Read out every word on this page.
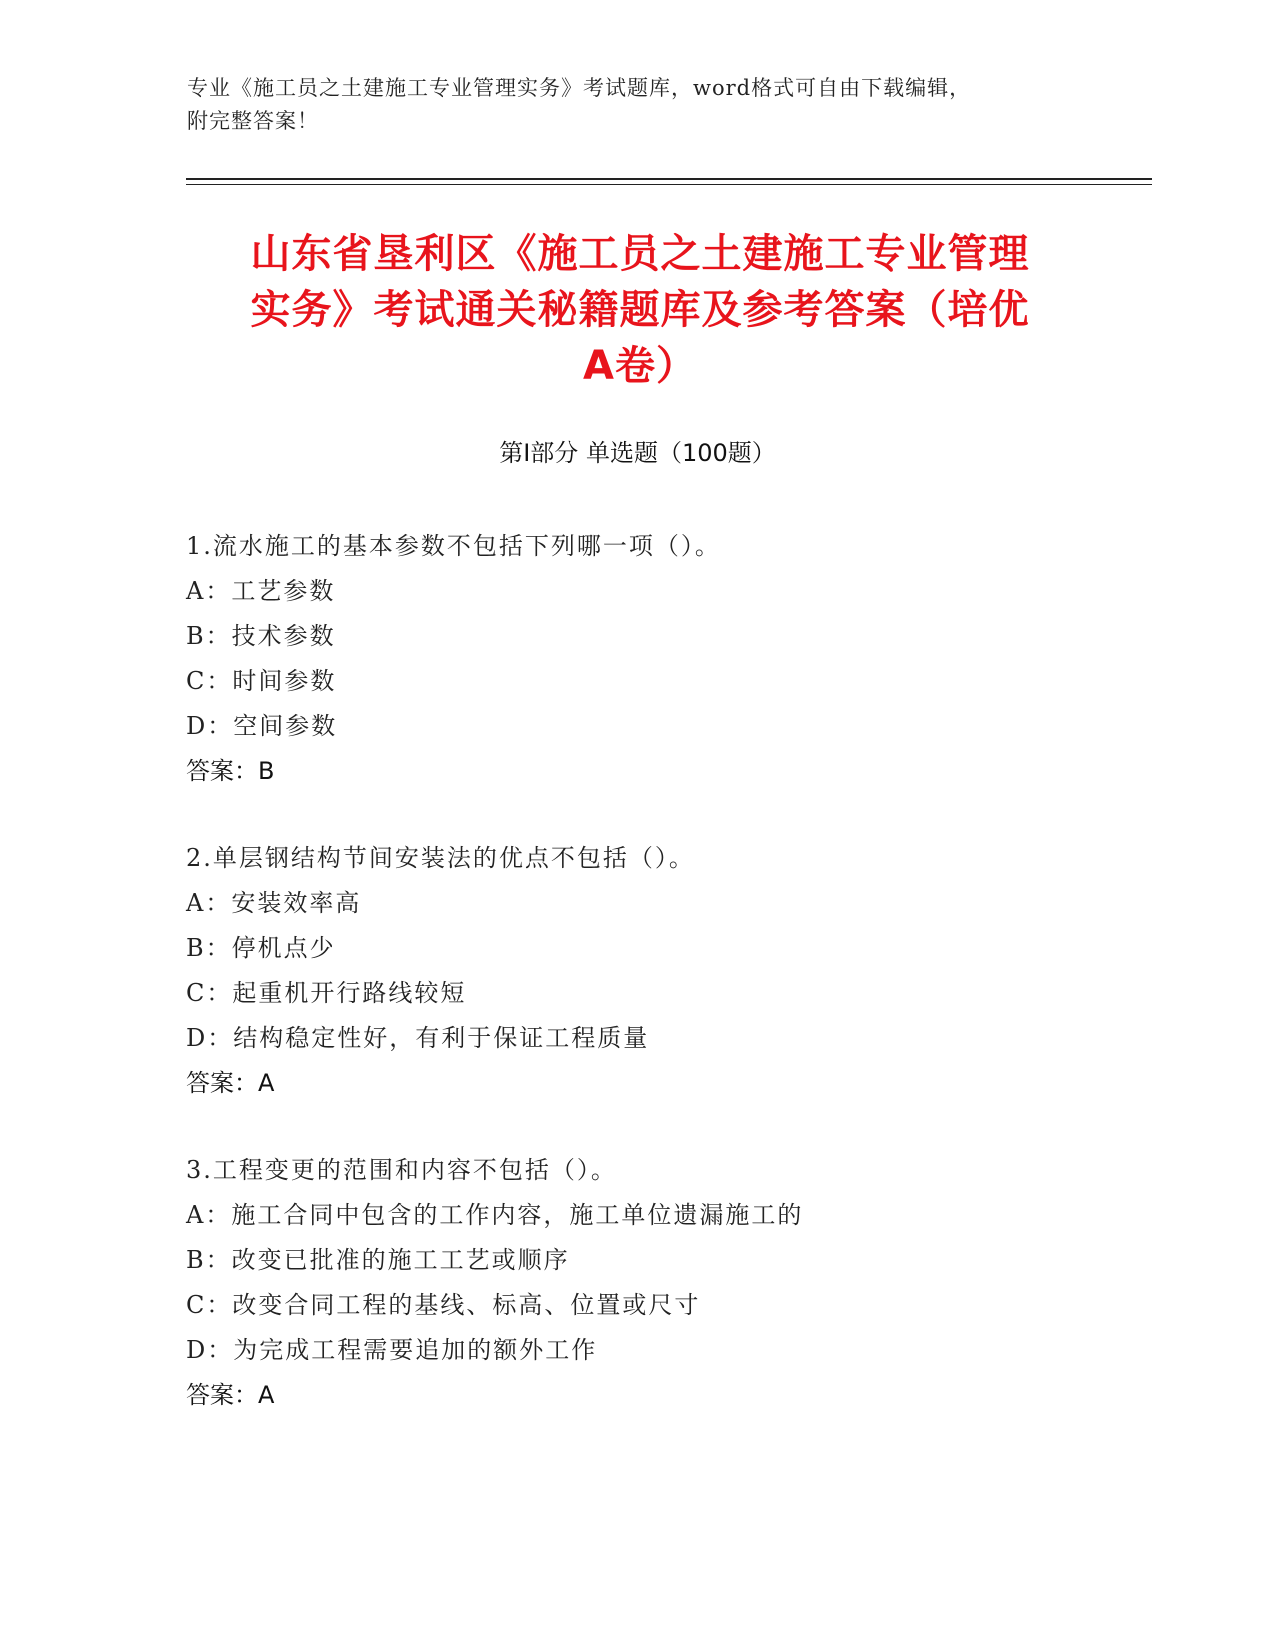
专业《施工员之土建施工专业管理实务》考试题库，word格式可自由下载编辑，
附完整答案！
山东省垦利区《施工员之土建施工专业管理
实务》考试通关秘籍题库及参考答案（培优
A卷）
第I部分 单选题（100题）
1.流水施工的基本参数不包括下列哪一项（）。
A：工艺参数
B：技术参数
C：时间参数
D：空间参数
答案：B
2.单层钢结构节间安装法的优点不包括（）。
A：安装效率高
B：停机点少
C：起重机开行路线较短
D：结构稳定性好，有利于保证工程质量
答案：A
3.工程变更的范围和内容不包括（）。
A：施工合同中包含的工作内容，施工单位遗漏施工的
B：改变已批准的施工工艺或顺序
C：改变合同工程的基线、标高、位置或尺寸
D：为完成工程需要追加的额外工作
答案：A
